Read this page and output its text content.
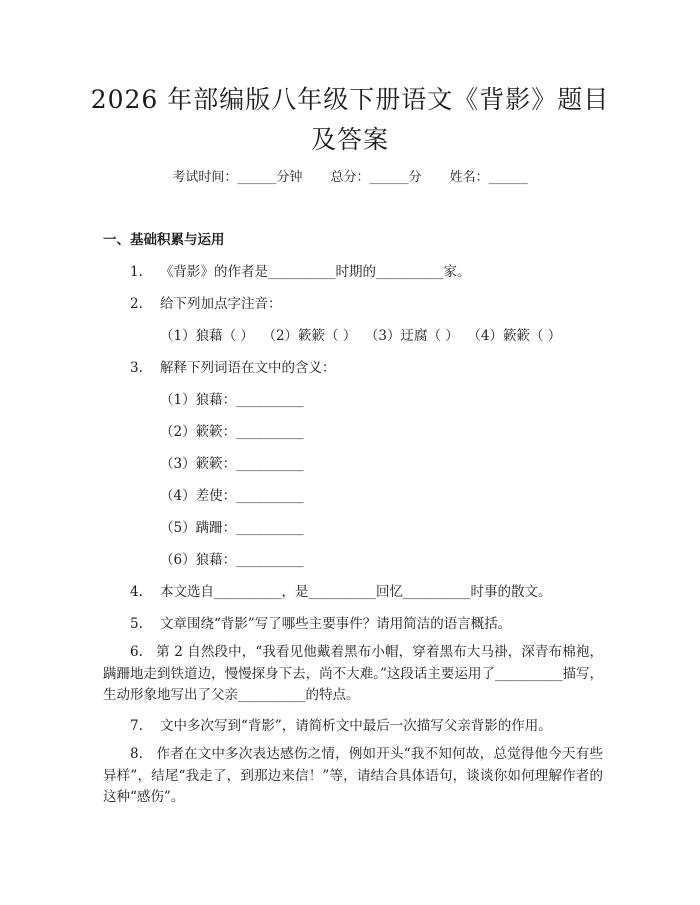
2026 年部编版八年级下册语文《背影》题目
及答案
考试时间：______分钟 总分：______分 姓名：______
一、基础积累与运用
1. 《背影》的作者是__________时期的__________家。
2. 给下列加点字注音：
（1）狼藉（ ）  （2）簌簌（ ）  （3）迂腐（ ）  （4）簌簌（ ）
3. 解释下列词语在文中的含义：
（1）狼藉：__________
（2）簌簌：__________
（3）簌簌：__________
（4）差使：__________
（5）蹒跚：__________
（6）狼藉：__________
4. 本文选自__________，是__________回忆__________时事的散文。
5. 文章围绕“背影”写了哪些主要事件？请用简洁的语言概括。
6. 第 2 自然段中，“我看见他戴着黑布小帽，穿着黑布大马褂，深青布棉袍，蹒跚地走到铁道边，慢慢探身下去，尚不大难。”这段话主要运用了__________描写，生动形象地写出了父亲__________的特点。
7. 文中多次写到“背影”，请简析文中最后一次描写父亲背影的作用。
8. 作者在文中多次表达感伤之情，例如开头“我不知何故，总觉得他今天有些异样”，结尾“我走了，到那边来信！”等，请结合具体语句，谈谈你如何理解作者的这种“感伤”。
